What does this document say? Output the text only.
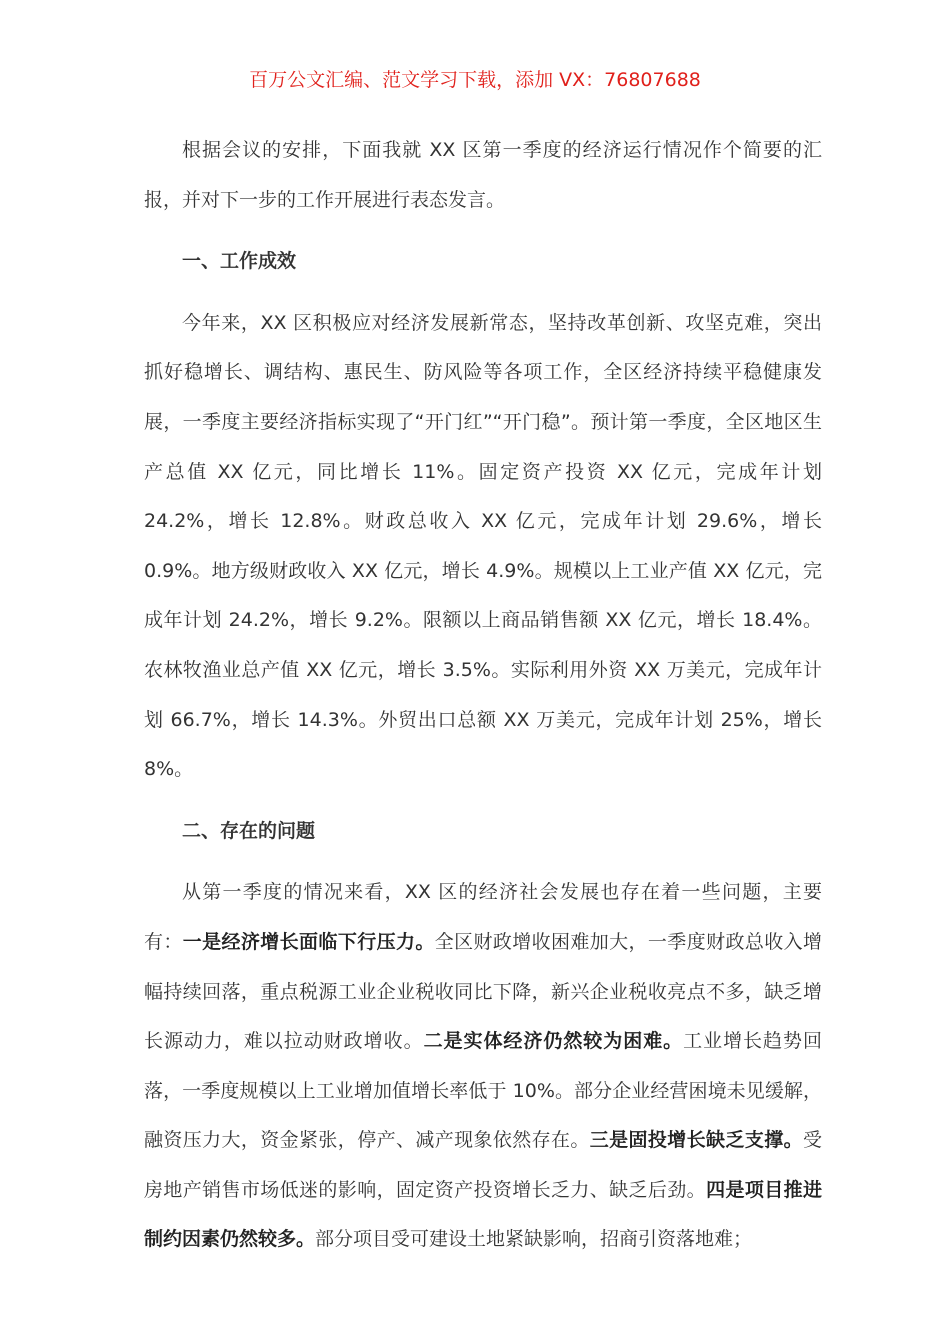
百万公文汇编、范文学习下载，添加 VX：76807688

根据会议的安排，下面我就 XX 区第一季度的经济运行情况作个简要的汇报，并对下一步的工作开展进行表态发言。

一、工作成效

今年来，XX 区积极应对经济发展新常态，坚持改革创新、攻坚克难，突出抓好稳增长、调结构、惠民生、防风险等各项工作，全区经济持续平稳健康发展，一季度主要经济指标实现了“开门红”“开门稳”。预计第一季度，全区地区生产总值 XX 亿元，同比增长 11%。固定资产投资 XX 亿元，完成年计划 24.2%，增长 12.8%。财政总收入 XX 亿元，完成年计划 29.6%，增长 0.9%。地方级财政收入 XX 亿元，增长 4.9%。规模以上工业产值 XX 亿元，完成年计划 24.2%，增长 9.2%。限额以上商品销售额 XX 亿元，增长 18.4%。农林牧渔业总产值 XX 亿元，增长 3.5%。实际利用外资 XX 万美元，完成年计划 66.7%，增长 14.3%。外贸出口总额 XX 万美元，完成年计划 25%，增长 8%。

二、存在的问题

从第一季度的情况来看，XX 区的经济社会发展也存在着一些问题，主要有：一是经济增长面临下行压力。全区财政增收困难加大，一季度财政总收入增幅持续回落，重点税源工业企业税收同比下降，新兴企业税收亮点不多，缺乏增长源动力，难以拉动财政增收。二是实体经济仍然较为困难。工业增长趋势回落，一季度规模以上工业增加值增长率低于 10%。部分企业经营困境未见缓解，融资压力大，资金紧张，停产、减产现象依然存在。三是固投增长缺乏支撑。受房地产销售市场低迷的影响，固定资产投资增长乏力、缺乏后劲。四是项目推进制约因素仍然较多。部分项目受可建设土地紧缺影响，招商引资落地难；
